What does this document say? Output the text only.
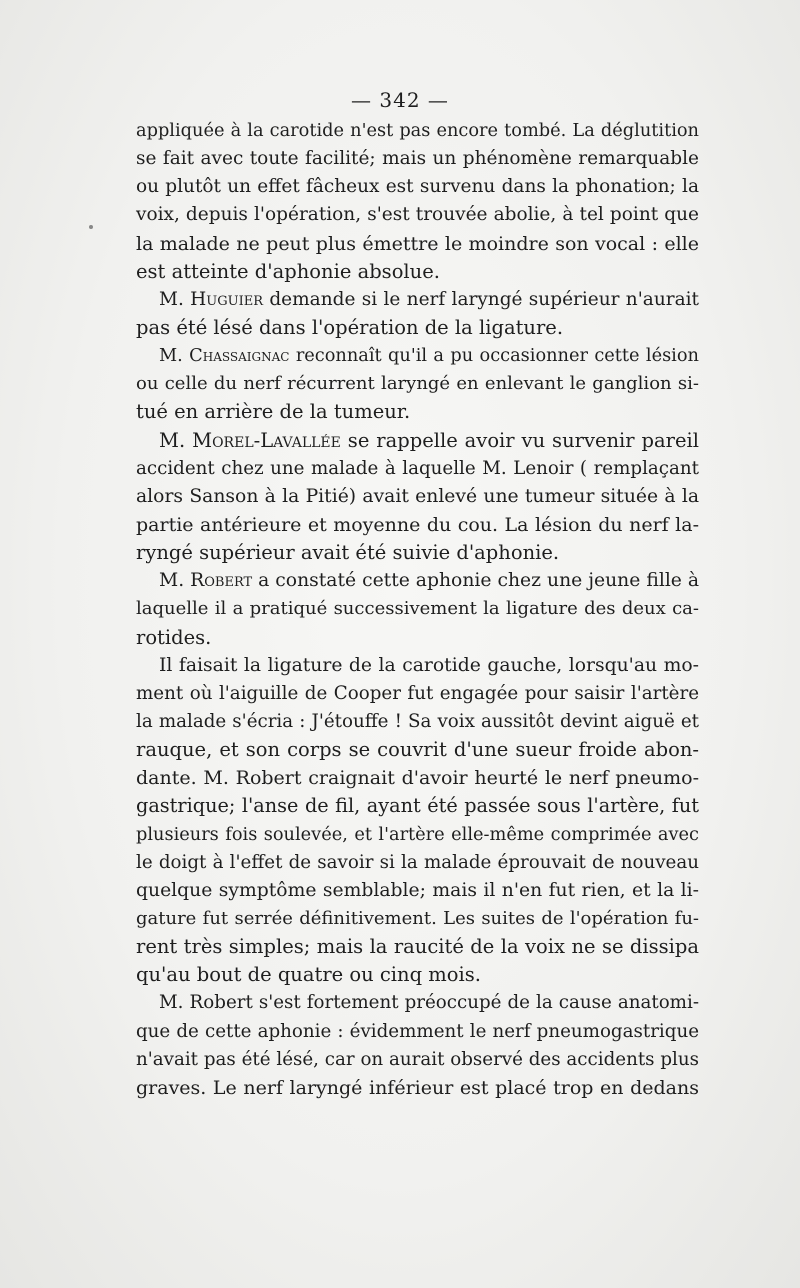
— 342 —
appliquée à la carotide n'est pas encore tombé. La déglutition
se fait avec toute facilité; mais un phénomène remarquable
ou plutôt un effet fâcheux est survenu dans la phonation; la
voix, depuis l'opération, s'est trouvée abolie, à tel point que
la malade ne peut plus émettre le moindre son vocal : elle
est atteinte d'aphonie absolue.
M. Huguier demande si le nerf laryngé supérieur n'aurait
pas été lésé dans l'opération de la ligature.
M. Chassaignac reconnaît qu'il a pu occasionner cette lésion
ou celle du nerf récurrent laryngé en enlevant le ganglion si-
tué en arrière de la tumeur.
M. Morel-Lavallée se rappelle avoir vu survenir pareil
accident chez une malade à laquelle M. Lenoir ( remplaçant
alors Sanson à la Pitié) avait enlevé une tumeur située à la
partie antérieure et moyenne du cou. La lésion du nerf la-
ryngé supérieur avait été suivie d'aphonie.
M. Robert a constaté cette aphonie chez une jeune fille à
laquelle il a pratiqué successivement la ligature des deux ca-
rotides.
Il faisait la ligature de la carotide gauche, lorsqu'au mo-
ment où l'aiguille de Cooper fut engagée pour saisir l'artère
la malade s'écria : J'étouffe ! Sa voix aussitôt devint aiguë et
rauque, et son corps se couvrit d'une sueur froide abon-
dante. M. Robert craignait d'avoir heurté le nerf pneumo-
gastrique; l'anse de fil, ayant été passée sous l'artère, fut
plusieurs fois soulevée, et l'artère elle-même comprimée avec
le doigt à l'effet de savoir si la malade éprouvait de nouveau
quelque symptôme semblable; mais il n'en fut rien, et la li-
gature fut serrée définitivement. Les suites de l'opération fu-
rent très simples; mais la raucité de la voix ne se dissipa
qu'au bout de quatre ou cinq mois.
M. Robert s'est fortement préoccupé de la cause anatomi-
que de cette aphonie : évidemment le nerf pneumogastrique
n'avait pas été lésé, car on aurait observé des accidents plus
graves. Le nerf laryngé inférieur est placé trop en dedans
